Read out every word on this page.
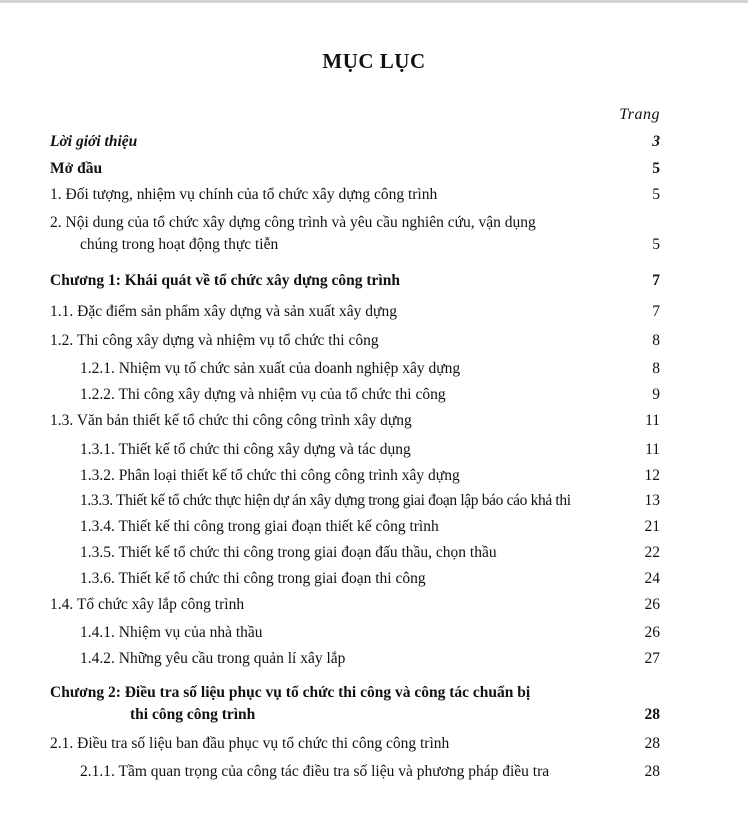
MỤC LỤC
Trang
Lời giới thiệu	3
Mở đầu	5
1. Đối tượng, nhiệm vụ chính của tổ chức xây dựng công trình	5
2. Nội dung của tổ chức xây dựng công trình và yêu cầu nghiên cứu, vận dụng
chúng trong hoạt động thực tiễn	5
Chương 1: Khái quát về tổ chức xây dựng công trình	7
1.1. Đặc điểm sản phẩm xây dựng và sản xuất xây dựng	7
1.2. Thi công xây dựng và nhiệm vụ tổ chức thi công	8
1.2.1. Nhiệm vụ tổ chức sản xuất của doanh nghiệp xây dựng	8
1.2.2. Thi công xây dựng và nhiệm vụ của tổ chức thi công	9
1.3. Văn bản thiết kế tổ chức thi công công trình xây dựng	11
1.3.1. Thiết kế tổ chức thi công xây dựng và tác dụng	11
1.3.2. Phân loại thiết kế tổ chức thi công công trình xây dựng	12
1.3.3. Thiết kế tổ chức thực hiện dự án xây dựng trong giai đoạn lập báo cáo khả thi	13
1.3.4. Thiết kế thi công trong giai đoạn thiết kế công trình	21
1.3.5. Thiết kế tổ chức thi công trong giai đoạn đấu thầu, chọn thầu	22
1.3.6. Thiết kế tổ chức thi công trong giai đoạn thi công	24
1.4. Tổ chức xây lắp công trình	26
1.4.1. Nhiệm vụ của nhà thầu	26
1.4.2. Những yêu cầu trong quản lí xây lắp	27
Chương 2: Điều tra số liệu phục vụ tổ chức thi công và công tác chuẩn bị
thi công công trình	28
2.1. Điều tra số liệu ban đầu phục vụ tổ chức thi công công trình	28
2.1.1. Tầm quan trọng của công tác điều tra số liệu và phương pháp điều tra	28
